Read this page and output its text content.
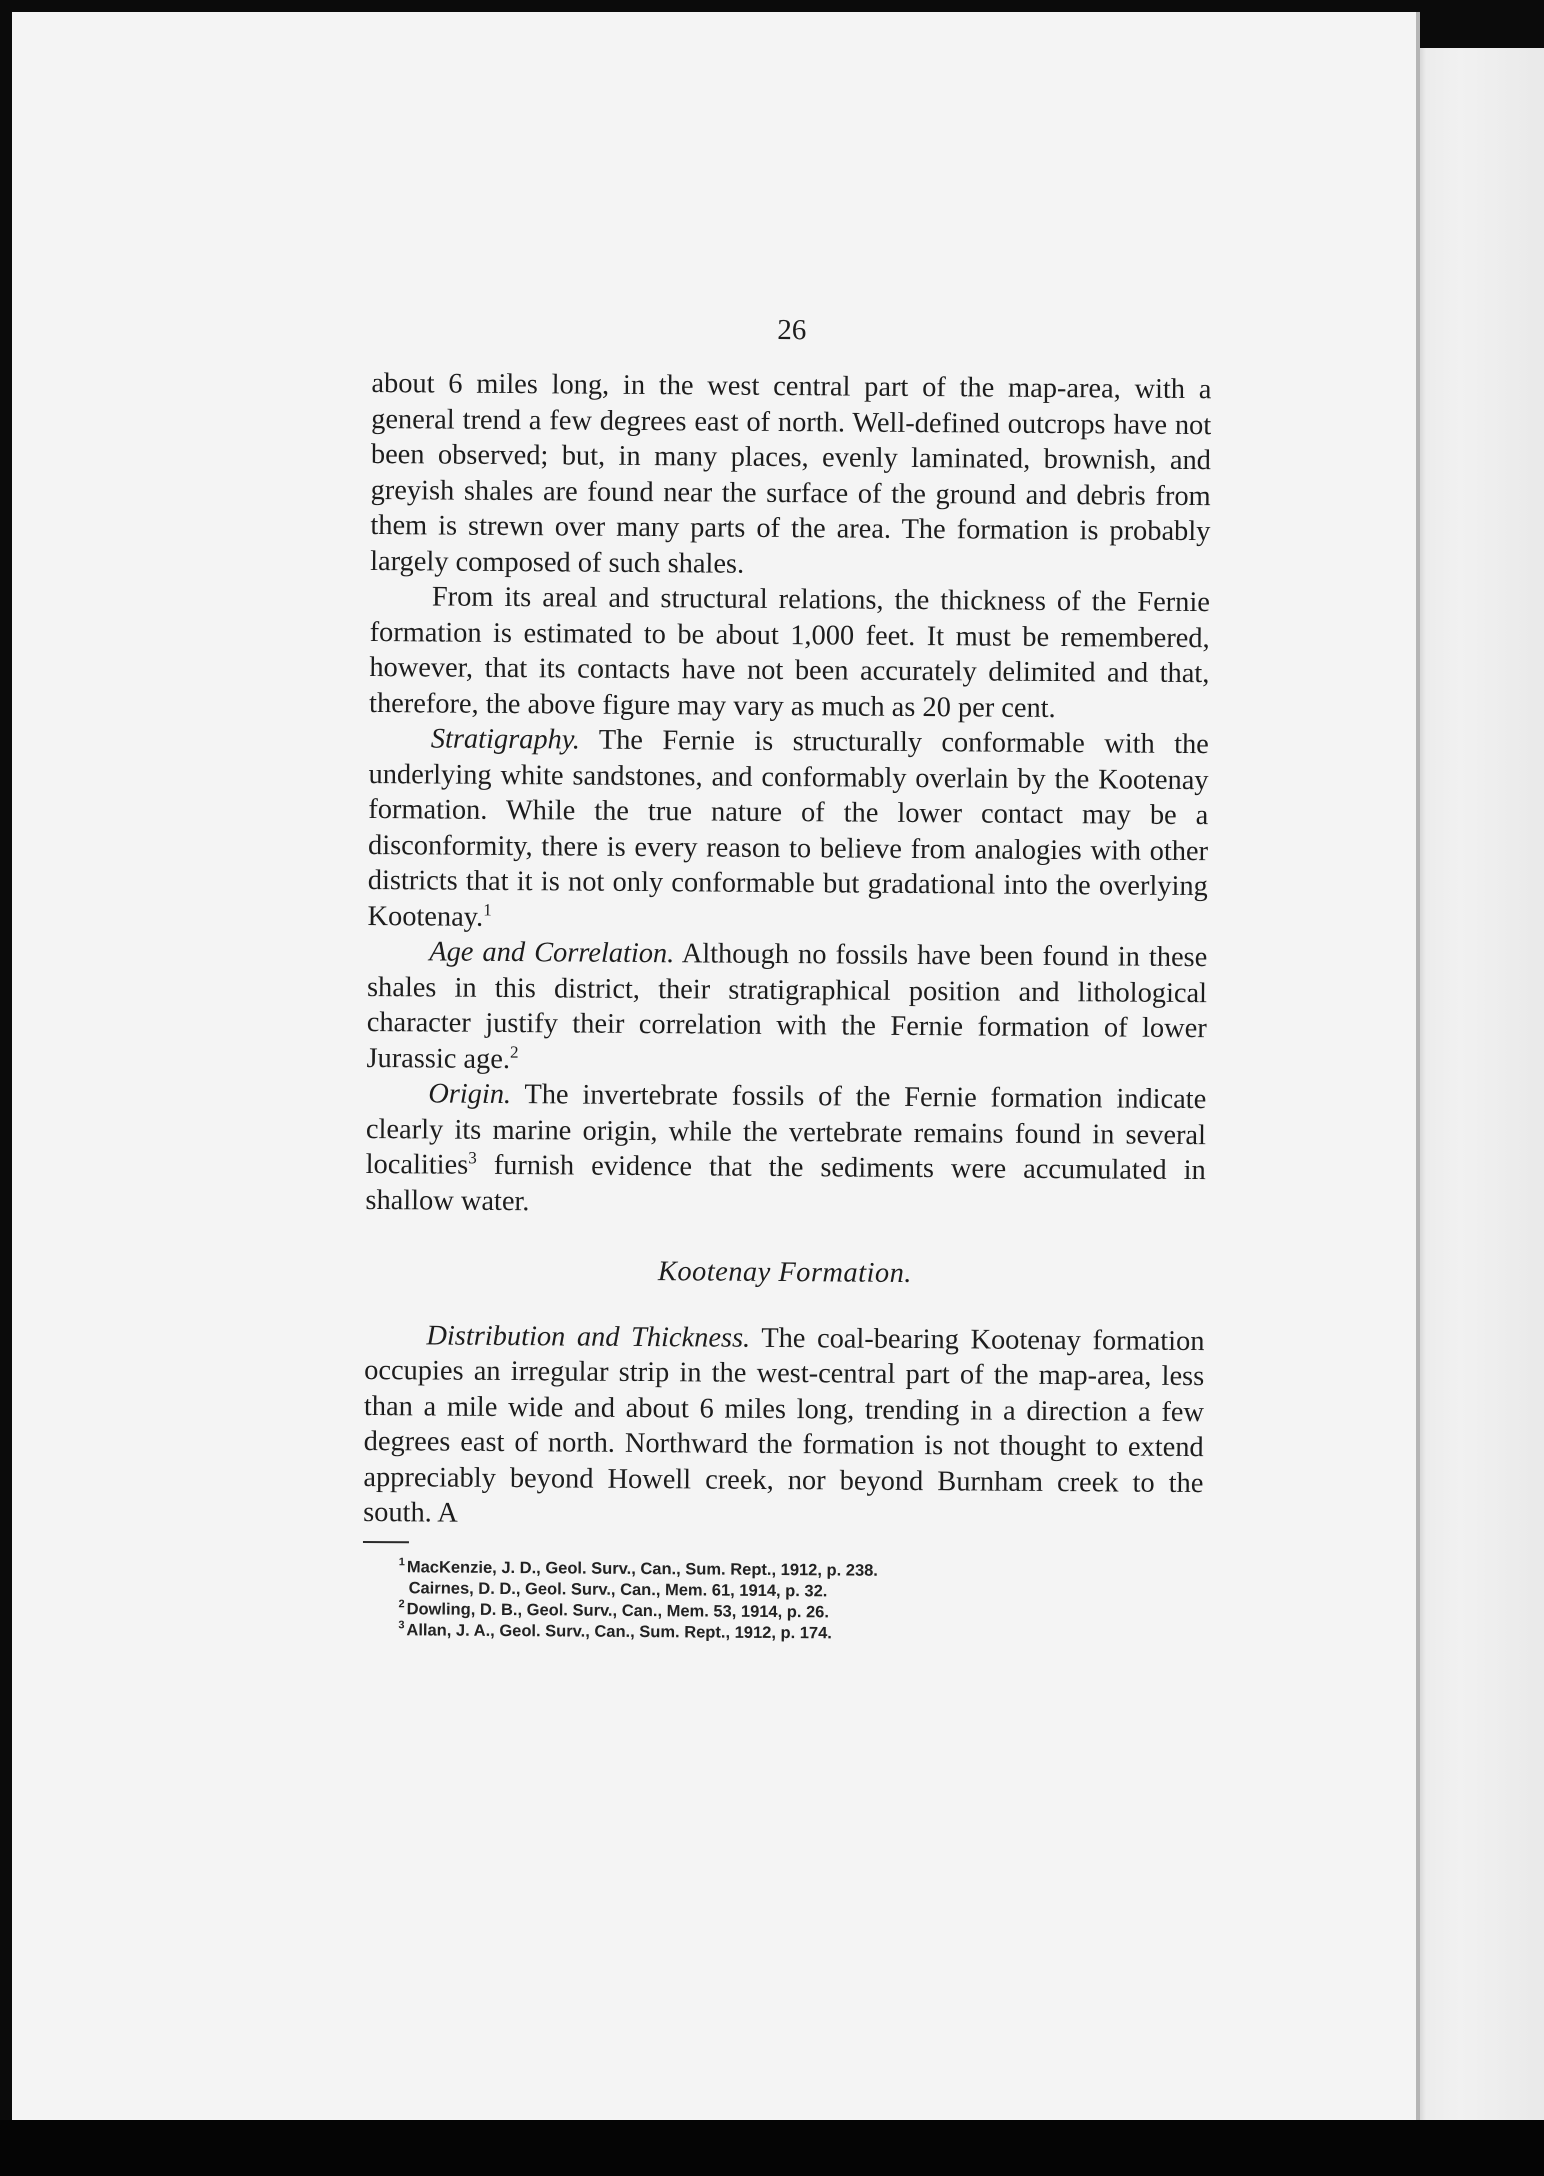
26

about 6 miles long, in the west central part of the map-area, with a general trend a few degrees east of north. Well-defined outcrops have not been observed; but, in many places, evenly laminated, brownish, and greyish shales are found near the surface of the ground and debris from them is strewn over many parts of the area. The formation is probably largely composed of such shales.

From its areal and structural relations, the thickness of the Fernie formation is estimated to be about 1,000 feet. It must be remembered, however, that its contacts have not been accurately delimited and that, therefore, the above figure may vary as much as 20 per cent.

Stratigraphy. The Fernie is structurally conformable with the underlying white sandstones, and conformably overlain by the Kootenay formation. While the true nature of the lower contact may be a disconformity, there is every reason to believe from analogies with other districts that it is not only conformable but gradational into the overlying Kootenay.$^1$

Age and Correlation. Although no fossils have been found in these shales in this district, their stratigraphical position and lithological character justify their correlation with the Fernie formation of lower Jurassic age.$^2$

Origin. The invertebrate fossils of the Fernie formation indicate clearly its marine origin, while the vertebrate remains found in several localities$^3$ furnish evidence that the sediments were accumulated in shallow water.

Kootenay Formation.

Distribution and Thickness. The coal-bearing Kootenay formation occupies an irregular strip in the west-central part of the map-area, less than a mile wide and about 6 miles long, trending in a direction a few degrees east of north. Northward the formation is not thought to extend appreciably beyond Howell creek, nor beyond Burnham creek to the south. A

$^1$ MacKenzie, J. D., Geol. Surv., Can., Sum. Rept., 1912, p. 238.

Cairnes, D. D., Geol. Surv., Can., Mem. 61, 1914, p. 32.

$^2$ Dowling, D. B., Geol. Surv., Can., Mem. 53, 1914, p. 26.

$^3$ Allan, J. A., Geol. Surv., Can., Sum. Rept., 1912, p. 174.
